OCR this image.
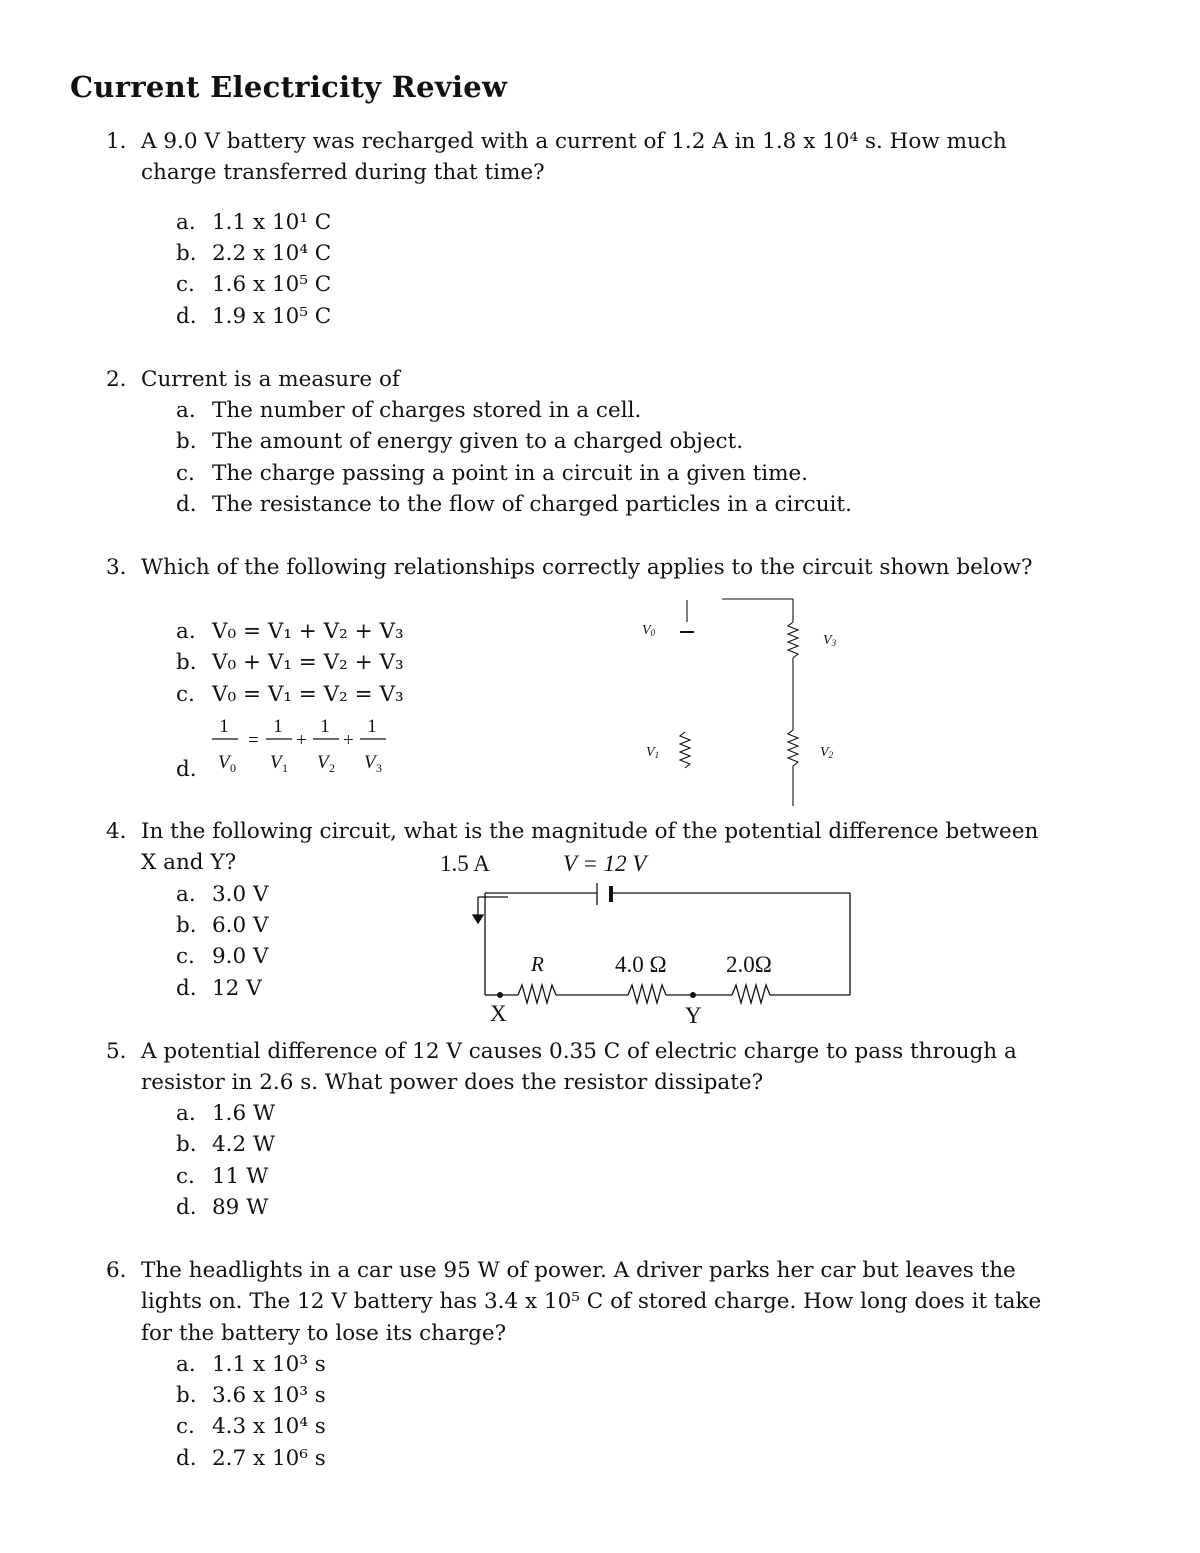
Current Electricity Review
1. A 9.0 V battery was recharged with a current of 1.2 A in 1.8 x 10⁴ s. How much
charge transferred during that time?
a. 1.1 x 10¹ C
b. 2.2 x 10⁴ C
c. 1.6 x 10⁵ C
d. 1.9 x 10⁵ C
2. Current is a measure of
a. The number of charges stored in a cell.
b. The amount of energy given to a charged object.
c. The charge passing a point in a circuit in a given time.
d. The resistance to the flow of charged particles in a circuit.
3. Which of the following relationships correctly applies to the circuit shown below?
a. V₀ = V₁ + V₂ + V₃
b. V₀ + V₁ = V₂ + V₃
c. V₀ = V₁ = V₂ = V₃
d.
1
V 0
=
1
V 1
+
1
V 2
+
1
V 3
V0	V3
V1	V2
4. In the following circuit, what is the magnitude of the potential difference between
X and Y?
a. 3.0 V
b. 6.0 V
c. 9.0 V
d. 12 V
1.5 A	V = 12 V
R	4.0 Ω	2.0Ω
X	Y
5. A potential difference of 12 V causes 0.35 C of electric charge to pass through a
resistor in 2.6 s. What power does the resistor dissipate?
a. 1.6 W
b. 4.2 W
c. 11 W
d. 89 W
6. The headlights in a car use 95 W of power. A driver parks her car but leaves the
lights on. The 12 V battery has 3.4 x 10⁵ C of stored charge. How long does it take
for the battery to lose its charge?
a. 1.1 x 10³ s
b. 3.6 x 10³ s
c. 4.3 x 10⁴ s
d. 2.7 x 10⁶ s
